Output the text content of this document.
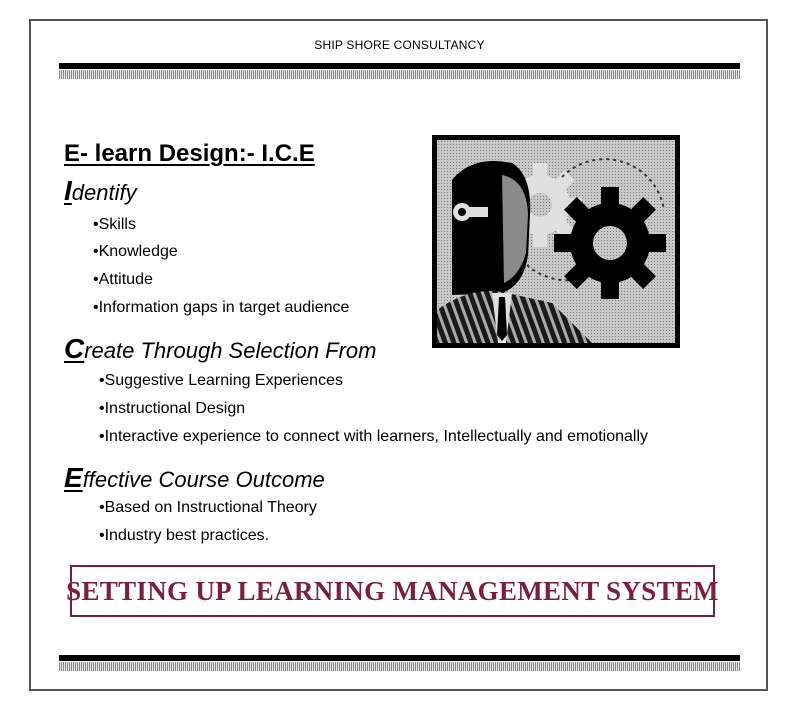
SHIP SHORE CONSULTANCY
E- learn Design:- I.C.E
Identify
•Skills
•Knowledge
•Attitude
•Information gaps in target audience
Create Through Selection From
•Suggestive Learning Experiences
•Instructional Design
•Interactive experience to connect with learners, Intellectually and emotionally
Effective Course Outcome
•Based on Instructional Theory
•Industry best practices.
SETTING UP LEARNING MANAGEMENT SYSTEM
